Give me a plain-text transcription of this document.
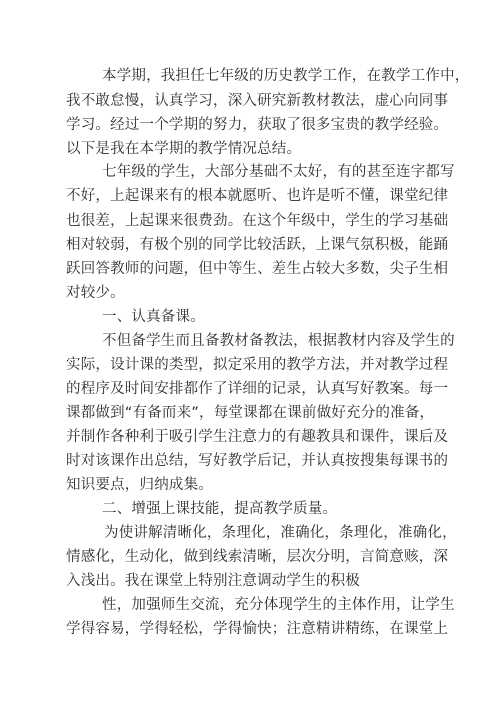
本学期，我担任七年级的历史教学工作，在教学工作中，
我不敢怠慢，认真学习，深入研究新教材教法，虚心向同事
学习。经过一个学期的努力，获取了很多宝贵的教学经验。
以下是我在本学期的教学情况总结。
七年级的学生，大部分基础不太好，有的甚至连字都写
不好，上起课来有的根本就愿听、也许是听不懂，课堂纪律
也很差，上起课来很费劲。在这个年级中，学生的学习基础
相对较弱，有极个别的同学比较活跃，上课气氛积极，能踊
跃回答教师的问题，但中等生、差生占较大多数，尖子生相
对较少。
一、认真备课。
不但备学生而且备教材备教法，根据教材内容及学生的
实际，设计课的类型，拟定采用的教学方法，并对教学过程
的程序及时间安排都作了详细的记录，认真写好教案。每一
课都做到“有备而来”，每堂课都在课前做好充分的准备，
并制作各种利于吸引学生注意力的有趣教具和课件，课后及
时对该课作出总结，写好教学后记，并认真按搜集每课书的
知识要点，归纳成集。
二、增强上课技能，提高教学质量。
为使讲解清晰化，条理化，准确化，条理化，准确化，
情感化，生动化，做到线索清晰，层次分明，言简意赅，深
入浅出。我在课堂上特别注意调动学生的积极
性，加强师生交流，充分体现学生的主体作用，让学生
学得容易，学得轻松，学得愉快；注意精讲精练，在课堂上
